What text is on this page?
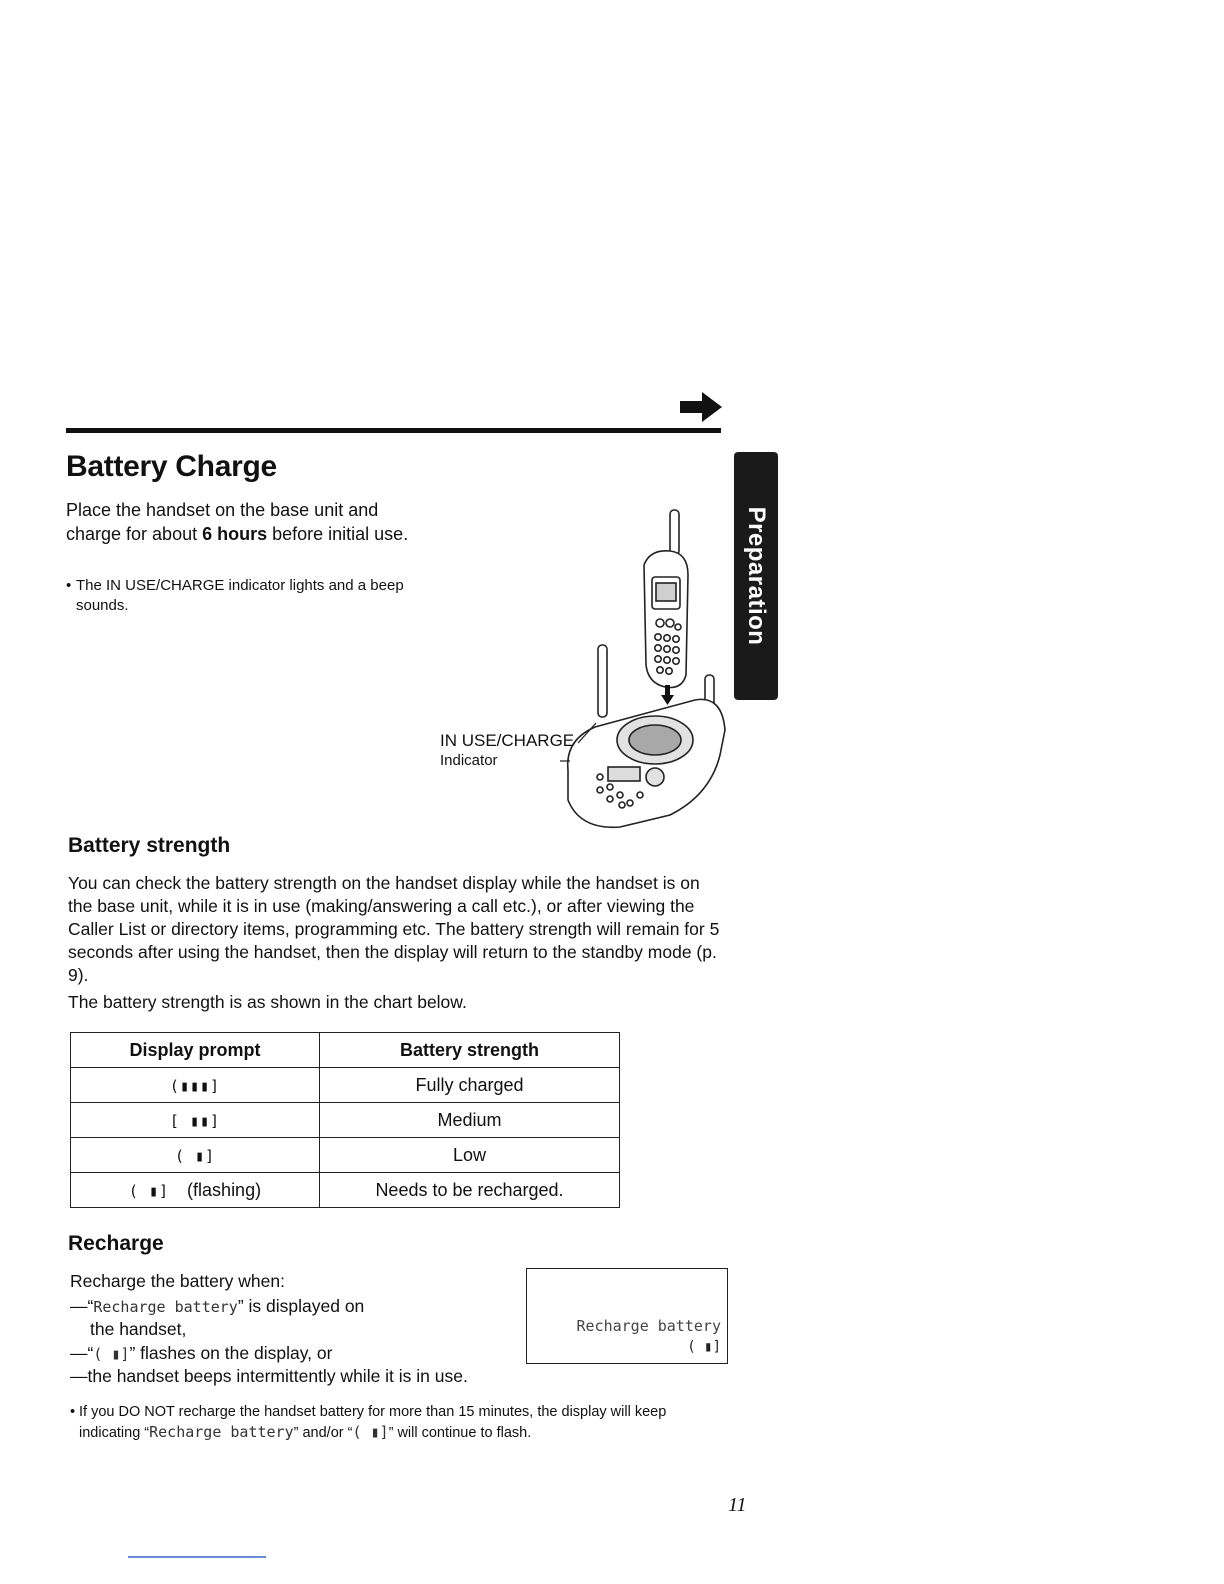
Battery Charge

Place the handset on the base unit and charge for about 6 hours before initial use.

• The IN USE/CHARGE indicator lights and a beep sounds.	Preparation
IN USE/CHARGE
Indicator
Battery strength

You can check the battery strength on the handset display while the handset is on the base unit, while it is in use (making/answering a call etc.), or after viewing the Caller List or directory items, programming etc. The battery strength will remain for 5 seconds after using the handset, then the display will return to the standby mode (p. 9).

The battery strength is as shown in the chart below.

Display prompt	Battery strength
(▮▮▮]	Fully charged
[ ▮▮]	Medium
( ▮]	Low
( ▮] (flashing)	Needs to be recharged.
Recharge
Recharge the battery when:
—“Recharge battery” is displayed on
the handset,
—“( ▮]” flashes on the display, or
—the handset beeps intermittently while it is in use.
Recharge battery
( ▮]
• If you DO NOT recharge the handset battery for more than 15 minutes, the display will keep indicating “Recharge battery” and/or “( ▮]” will continue to flash.
11
